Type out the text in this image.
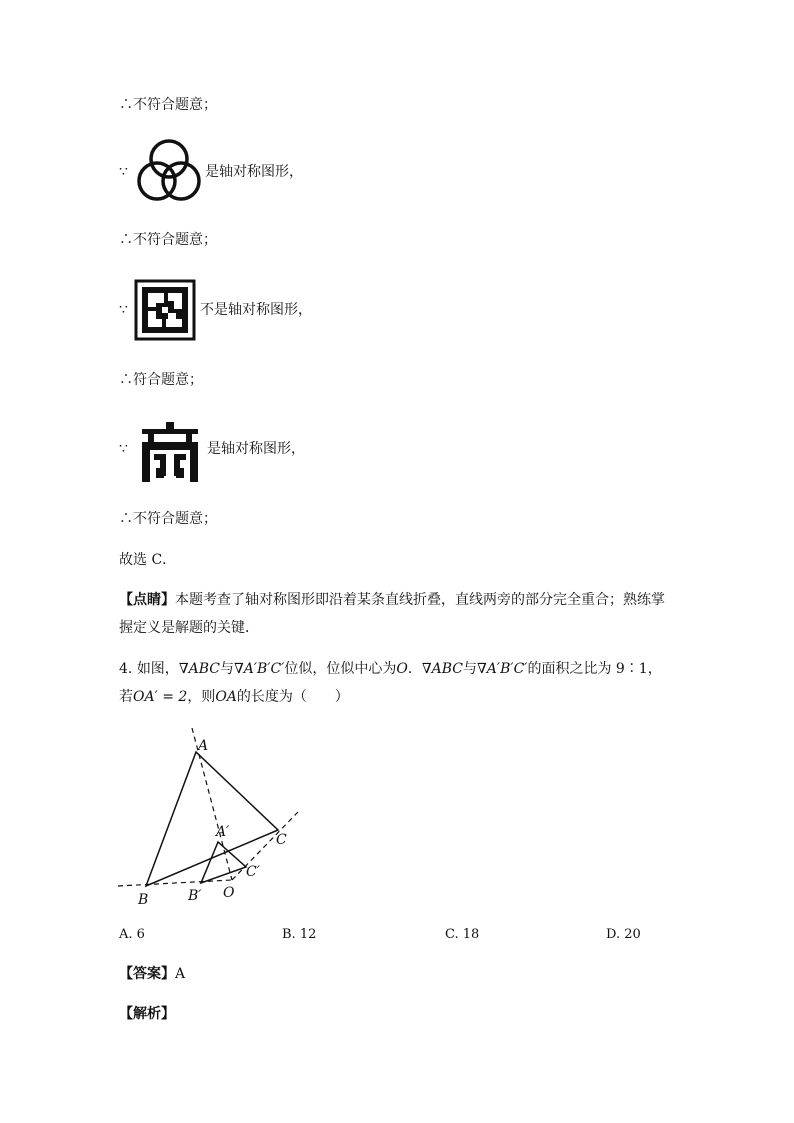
∴不符合题意；
∵	是轴对称图形，
∴不符合题意；
∵	不是轴对称图形，
∴符合题意；
∵	是轴对称图形，
∴不符合题意；
故选 C．
【点睛】本题考查了轴对称图形即沿着某条直线折叠，直线两旁的部分完全重合；熟练掌
握定义是解题的关键．
4. 如图，∇ABC与∇A′B′C′位似，位似中心为O．∇ABC与∇A′B′C′的面积之比为 9∶1，
若OA′ = 2，则OA的长度为（　　）
A
B
C
A′
B′
C′
O
A. 6	B. 12	C. 18	D. 20
【答案】A
【解析】
